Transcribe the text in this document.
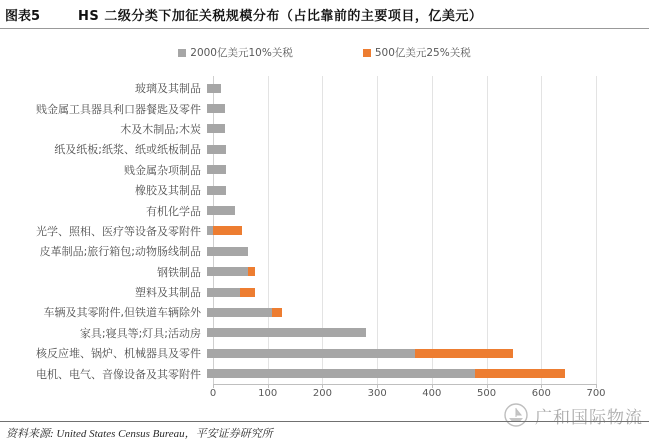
图表5	HS 二级分类下加征关税规模分布（占比靠前的主要项目，亿美元）
2000亿美元10%关税	500亿美元25%关税
玻璃及其制品
贱金属工具器具利口器餐匙及零件
木及木制品;木炭
纸及纸板;纸浆、纸或纸板制品
贱金属杂项制品
橡胶及其制品
有机化学品
光学、照相、医疗等设备及零附件
皮革制品;旅行箱包;动物肠线制品
钢铁制品
塑料及其制品
车辆及其零附件,但铁道车辆除外
家具;寝具等;灯具;活动房
核反应堆、锅炉、机械器具及零件
电机、电气、音像设备及其零附件
0	100	200	300	400	500	600	700
广和国际物流
资料来源: United States Census Bureau，平安证券研究所
